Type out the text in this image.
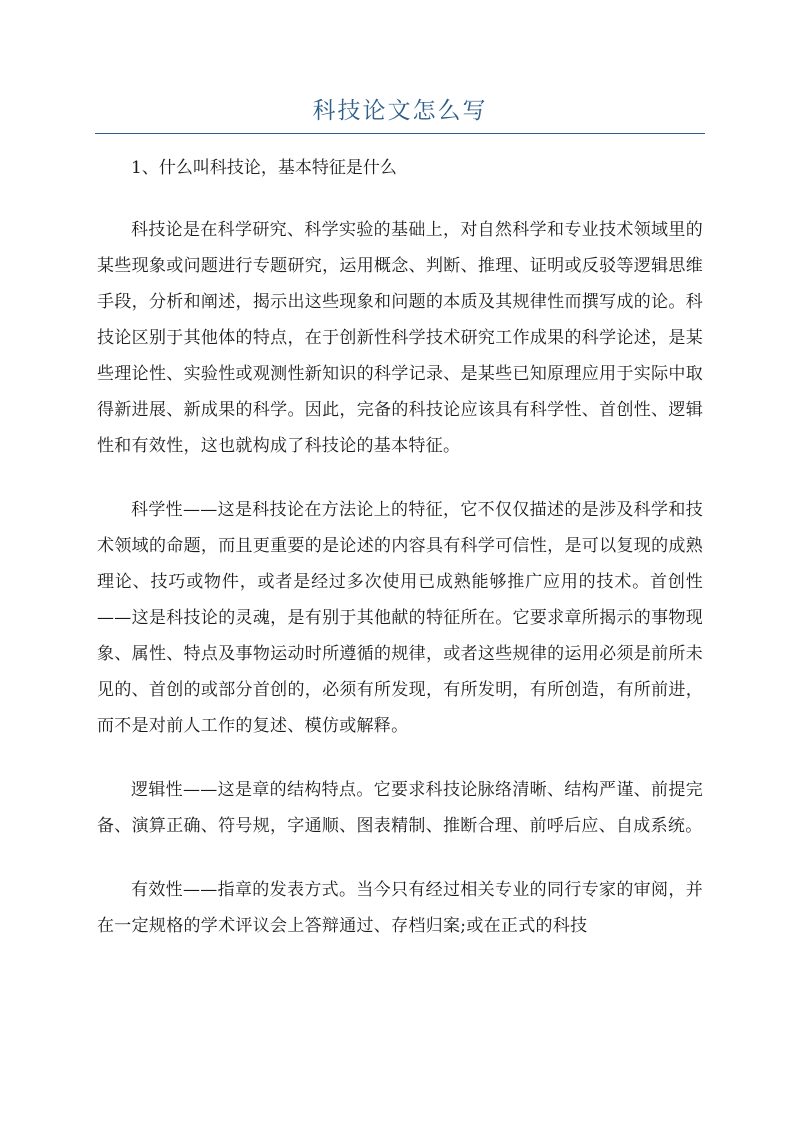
科技论文怎么写

1、什么叫科技论，基本特征是什么

科技论是在科学研究、科学实验的基础上，对自然科学和专业技术领域里的某些现象或问题进行专题研究，运用概念、判断、推理、证明或反驳等逻辑思维手段，分析和阐述，揭示出这些现象和问题的本质及其规律性而撰写成的论。科技论区别于其他体的特点，在于创新性科学技术研究工作成果的科学论述，是某些理论性、实验性或观测性新知识的科学记录、是某些已知原理应用于实际中取得新进展、新成果的科学。因此，完备的科技论应该具有科学性、首创性、逻辑性和有效性，这也就构成了科技论的基本特征。

科学性——这是科技论在方法论上的特征，它不仅仅描述的是涉及科学和技术领域的命题，而且更重要的是论述的内容具有科学可信性，是可以复现的成熟理论、技巧或物件，或者是经过多次使用已成熟能够推广应用的技术。首创性——这是科技论的灵魂，是有别于其他献的特征所在。它要求章所揭示的事物现象、属性、特点及事物运动时所遵循的规律，或者这些规律的运用必须是前所未见的、首创的或部分首创的，必须有所发现，有所发明，有所创造，有所前进，而不是对前人工作的复述、模仿或解释。

逻辑性——这是章的结构特点。它要求科技论脉络清晰、结构严谨、前提完备、演算正确、符号规，字通顺、图表精制、推断合理、前呼后应、自成系统。

有效性——指章的发表方式。当今只有经过相关专业的同行专家的审阅，并在一定规格的学术评议会上答辩通过、存档归案;或在正式的科技
